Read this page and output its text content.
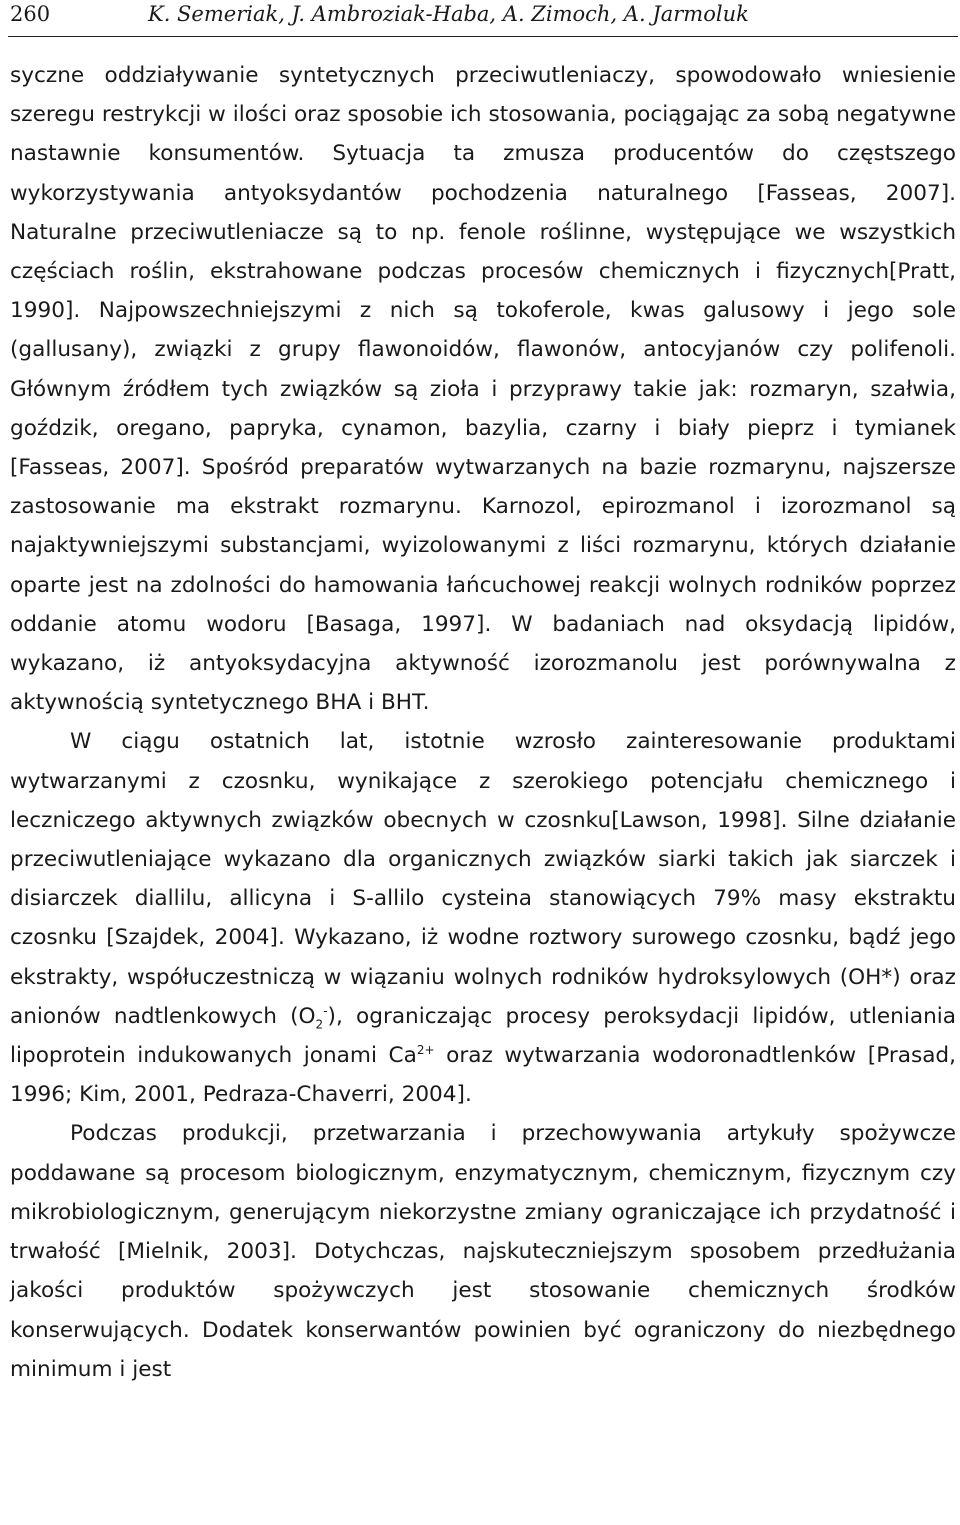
260	K. Semeriak, J. Ambroziak-Haba, A. Zimoch, A. Jarmoluk

syczne oddziaływanie syntetycznych przeciwutleniaczy, spowodowało wniesienie szeregu restrykcji w ilości oraz sposobie ich stosowania, pociągając za sobą negatywne nastawnie konsumentów. Sytuacja ta zmusza producentów do częstszego wykorzystywania antyoksydantów pochodzenia naturalnego [Fasseas, 2007]. Naturalne przeciwutleniacze są to np. fenole roślinne, występujące we wszystkich częściach roślin, ekstrahowane podczas procesów chemicznych i fizycznych[Pratt, 1990]. Najpowszechniejszymi z nich są tokoferole, kwas galusowy i jego sole (gallusany), związki z grupy flawonoidów, flawonów, antocyjanów czy polifenoli. Głównym źródłem tych związków są zioła i przyprawy takie jak: rozmaryn, szałwia, goździk, oregano, papryka, cynamon, bazylia, czarny i biały pieprz i tymianek [Fasseas, 2007]. Spośród preparatów wytwarzanych na bazie rozmarynu, najszersze zastosowanie ma ekstrakt rozmarynu. Karnozol, epirozmanol i izorozmanol są najaktywniejszymi substancjami, wyizolowanymi z liści rozmarynu, których działanie oparte jest na zdolności do hamowania łańcuchowej reakcji wolnych rodników poprzez oddanie atomu wodoru [Basaga, 1997]. W badaniach nad oksydacją lipidów, wykazano, iż antyoksydacyjna aktywność izorozmanolu jest porównywalna z aktywnością syntetycznego BHA i BHT.

W ciągu ostatnich lat, istotnie wzrosło zainteresowanie produktami wytwarzanymi z czosnku, wynikające z szerokiego potencjału chemicznego i leczniczego aktywnych związków obecnych w czosnku[Lawson, 1998]. Silne działanie przeciwutleniające wykazano dla organicznych związków siarki takich jak siarczek i disiarczek diallilu, allicyna i S-allilo cysteina stanowiących 79% masy ekstraktu czosnku [Szajdek, 2004]. Wykazano, iż wodne roztwory surowego czosnku, bądź jego ekstrakty, współuczestniczą w wiązaniu wolnych rodników hydroksylowych (OH*) oraz anionów nadtlenkowych $(O_2^-)$, ograniczając procesy peroksydacji lipidów, utleniania lipoprotein indukowanych jonami $Ca^{2+}$ oraz wytwarzania wodoronadtlenków [Prasad, 1996; Kim, 2001, Pedraza-Chaverri, 2004].

Podczas produkcji, przetwarzania i przechowywania artykuły spożywcze poddawane są procesom biologicznym, enzymatycznym, chemicznym, fizycznym czy mikrobiologicznym, generującym niekorzystne zmiany ograniczające ich przydatność i trwałość [Mielnik, 2003]. Dotychczas, najskuteczniejszym sposobem przedłużania jakości produktów spożywczych jest stosowanie chemicznych środków konserwujących. Dodatek konserwantów powinien być ograniczony do niezbędnego minimum i jest
